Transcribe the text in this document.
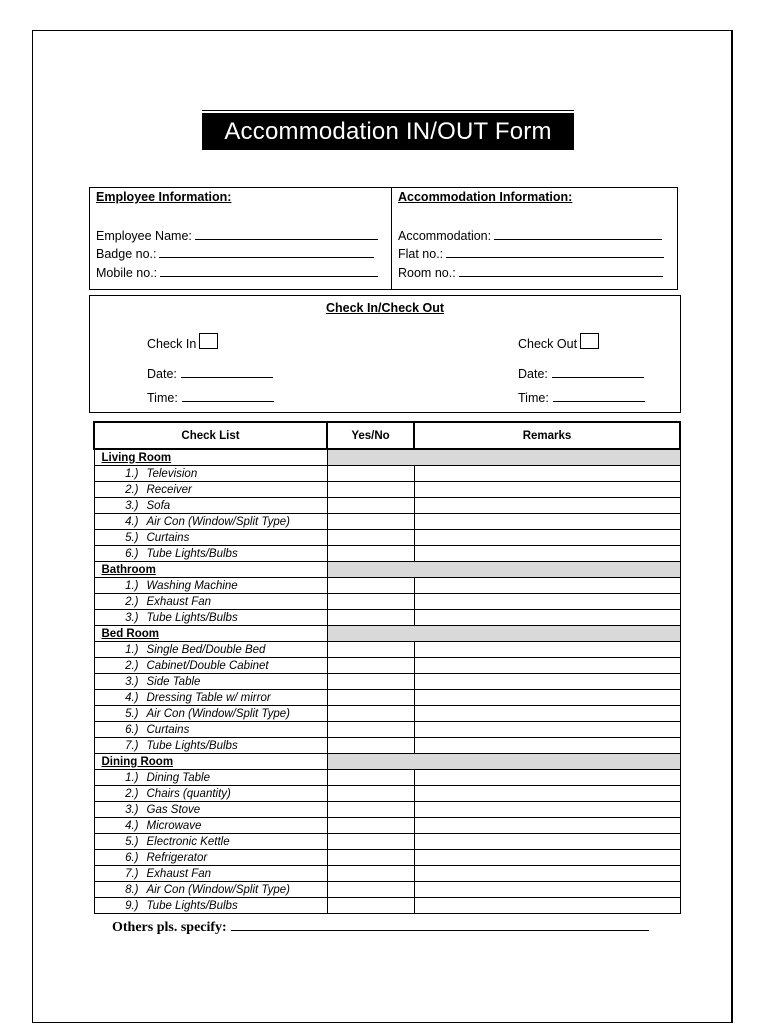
Accommodation IN/OUT Form
Employee Information:
Employee Name:
Badge no.:
Mobile no.:
Accommodation Information:
Accommodation:
Flat no.:
Room no.:
Check In/Check Out
Check In	Check Out
Date:	Date:
Time:	Time:
Check List	Yes/No	Remarks
Living Room		
1.) Television		
2.) Receiver		
3.) Sofa		
4.) Air Con (Window/Split Type)		
5.) Curtains		
6.) Tube Lights/Bulbs		
Bathroom		
1.) Washing Machine		
2.) Exhaust Fan		
3.) Tube Lights/Bulbs		
Bed Room		
1.) Single Bed/Double Bed		
2.) Cabinet/Double Cabinet		
3.) Side Table		
4.) Dressing Table w/ mirror		
5.) Air Con (Window/Split Type)		
6.) Curtains		
7.) Tube Lights/Bulbs		
Dining Room		
1.) Dining Table		
2.) Chairs (quantity)		
3.) Gas Stove		
4.) Microwave		
5.) Electronic Kettle		
6.) Refrigerator		
7.) Exhaust Fan		
8.) Air Con (Window/Split Type)		
9.) Tube Lights/Bulbs		
Others pls. specify:
